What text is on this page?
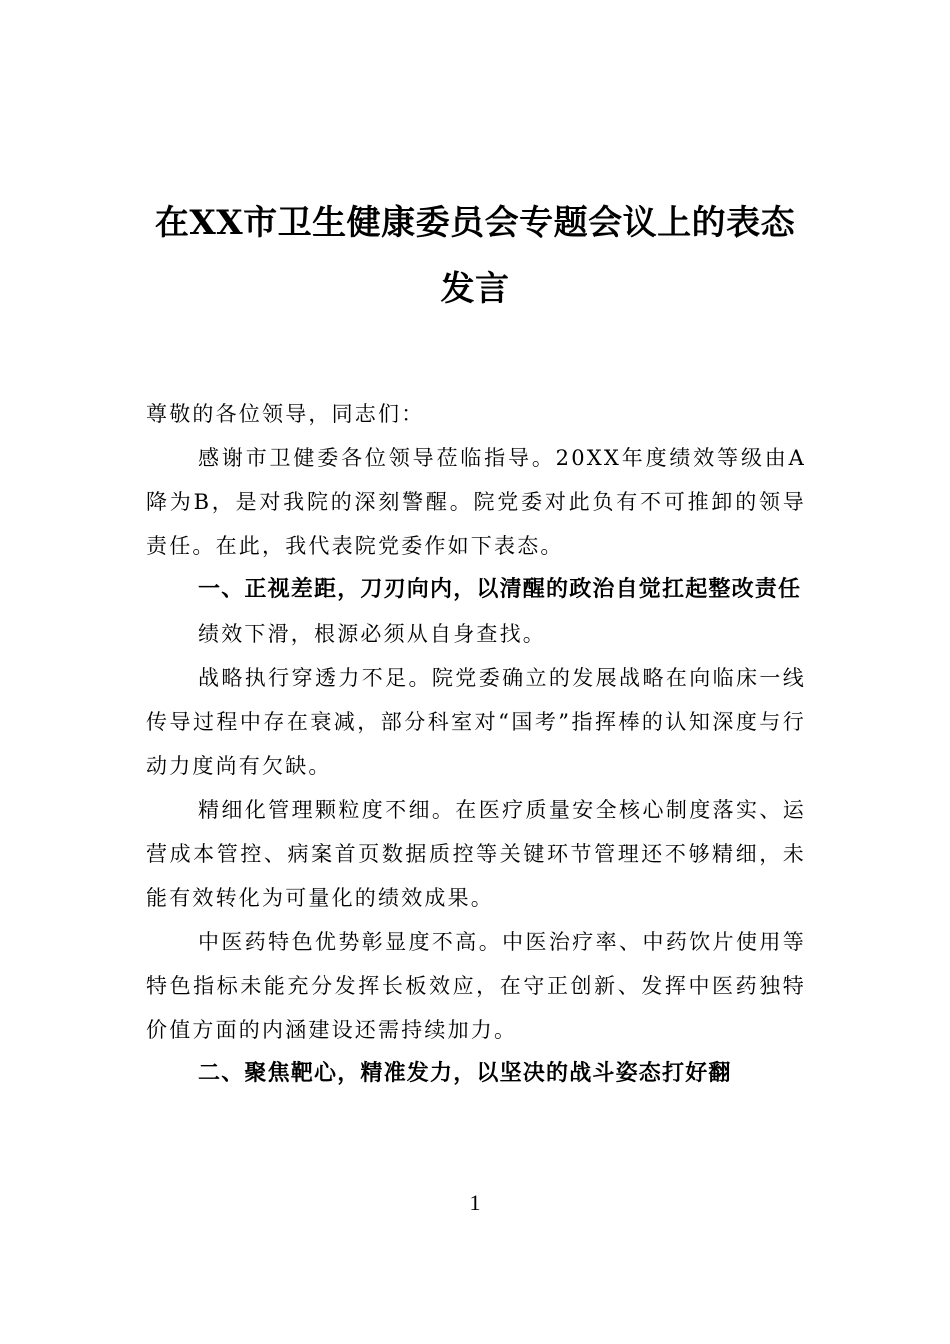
在XX市卫生健康委员会专题会议上的表态
发言

尊敬的各位领导，同志们：

感谢市卫健委各位领导莅临指导。20XX年度绩效等级由A降为B，是对我院的深刻警醒。院党委对此负有不可推卸的领导责任。在此，我代表院党委作如下表态。

一、正视差距，刀刃向内，以清醒的政治自觉扛起整改责任

绩效下滑，根源必须从自身查找。

战略执行穿透力不足。院党委确立的发展战略在向临床一线传导过程中存在衰减，部分科室对“国考”指挥棒的认知深度与行动力度尚有欠缺。

精细化管理颗粒度不细。在医疗质量安全核心制度落实、运营成本管控、病案首页数据质控等关键环节管理还不够精细，未能有效转化为可量化的绩效成果。

中医药特色优势彰显度不高。中医治疗率、中药饮片使用等特色指标未能充分发挥长板效应，在守正创新、发挥中医药独特价值方面的内涵建设还需持续加力。

二、聚焦靶心，精准发力，以坚决的战斗姿态打好翻

1
